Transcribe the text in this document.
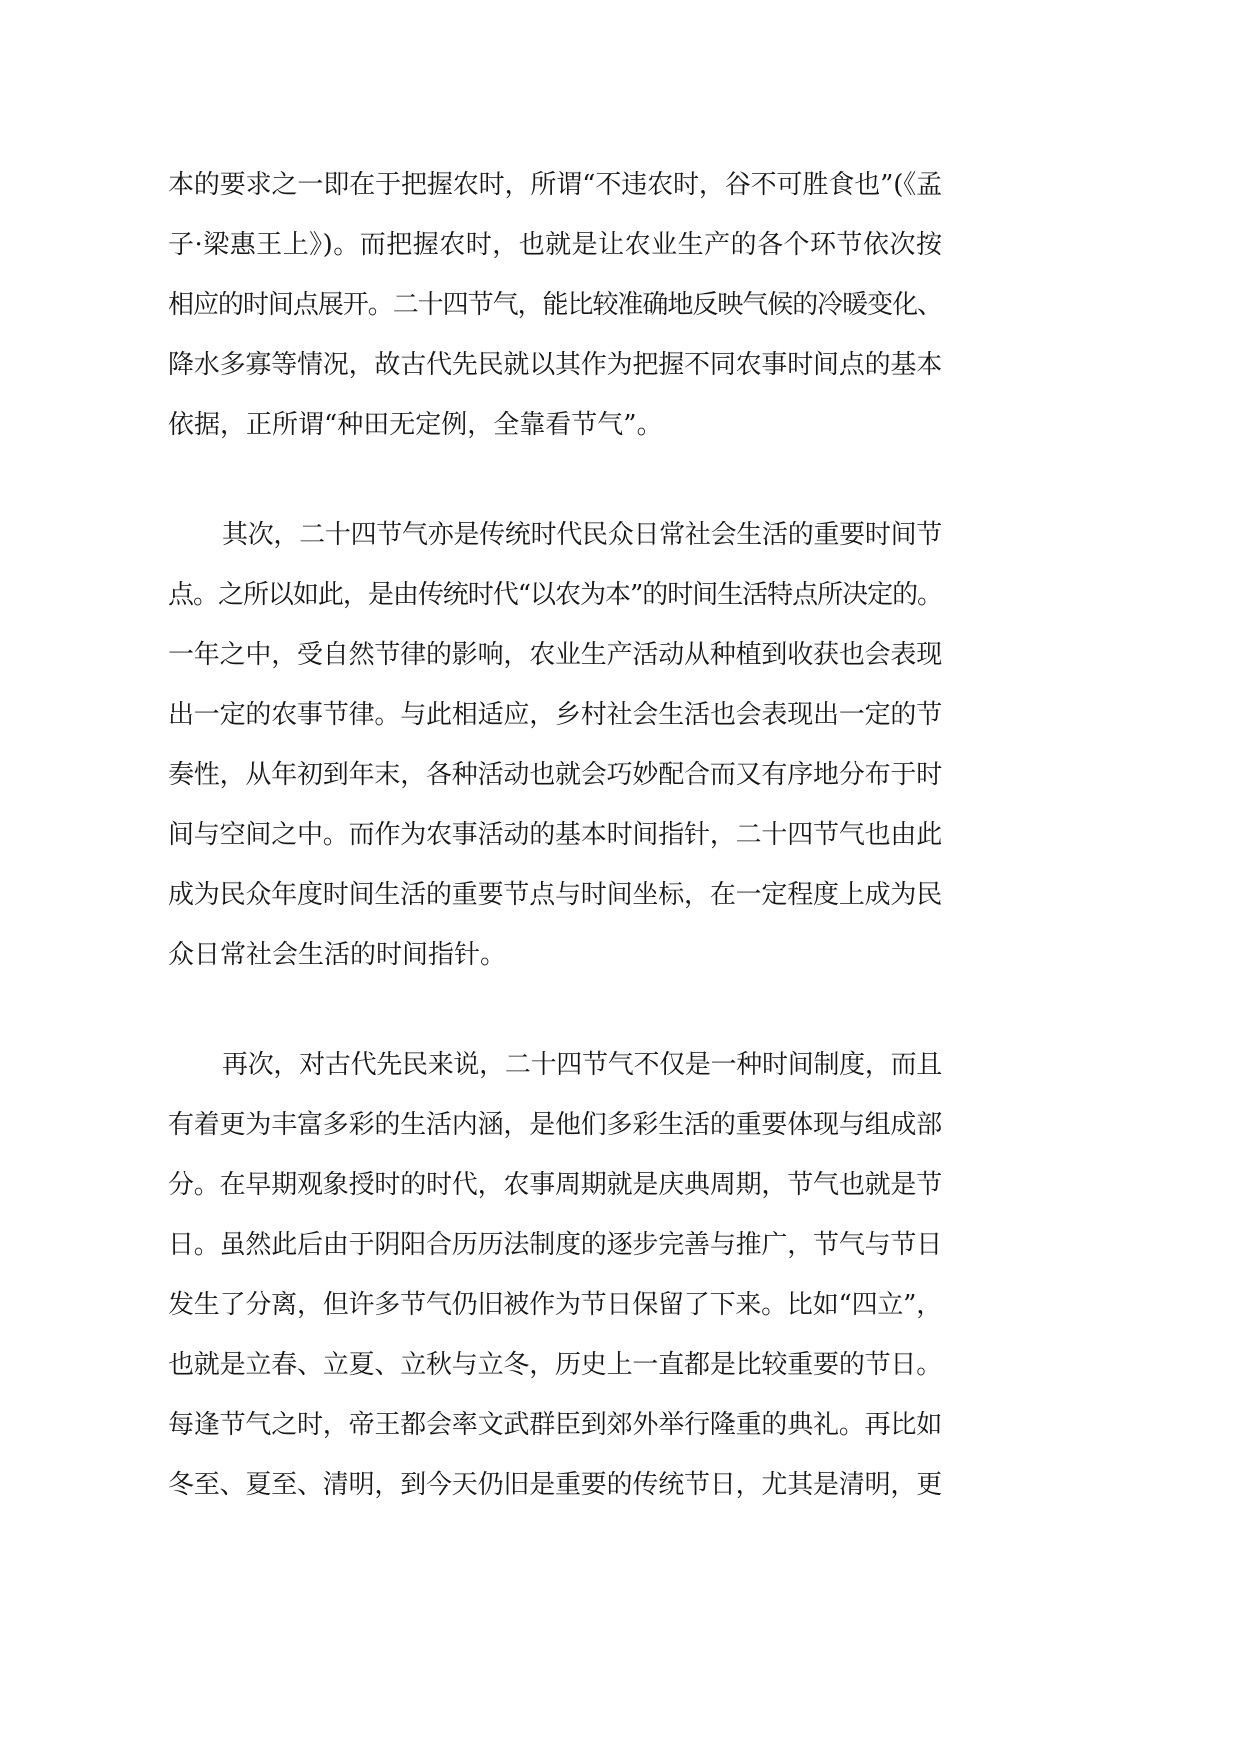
本的要求之一即在于把握农时，所谓“不违农时，谷不可胜食也”(《孟
子·梁惠王上》)。而把握农时，也就是让农业生产的各个环节依次按
相应的时间点展开。二十四节气，能比较准确地反映气候的冷暖变化、
降水多寡等情况，故古代先民就以其作为把握不同农事时间点的基本
依据，正所谓“种田无定例，全靠看节气”。
其次，二十四节气亦是传统时代民众日常社会生活的重要时间节
点。之所以如此，是由传统时代“以农为本”的时间生活特点所决定的。
一年之中，受自然节律的影响，农业生产活动从种植到收获也会表现
出一定的农事节律。与此相适应，乡村社会生活也会表现出一定的节
奏性，从年初到年末，各种活动也就会巧妙配合而又有序地分布于时
间与空间之中。而作为农事活动的基本时间指针，二十四节气也由此
成为民众年度时间生活的重要节点与时间坐标，在一定程度上成为民
众日常社会生活的时间指针。
再次，对古代先民来说，二十四节气不仅是一种时间制度，而且
有着更为丰富多彩的生活内涵，是他们多彩生活的重要体现与组成部
分。在早期观象授时的时代，农事周期就是庆典周期，节气也就是节
日。虽然此后由于阴阳合历历法制度的逐步完善与推广，节气与节日
发生了分离，但许多节气仍旧被作为节日保留了下来。比如“四立”，
也就是立春、立夏、立秋与立冬，历史上一直都是比较重要的节日。
每逢节气之时，帝王都会率文武群臣到郊外举行隆重的典礼。再比如
冬至、夏至、清明，到今天仍旧是重要的传统节日，尤其是清明，更
